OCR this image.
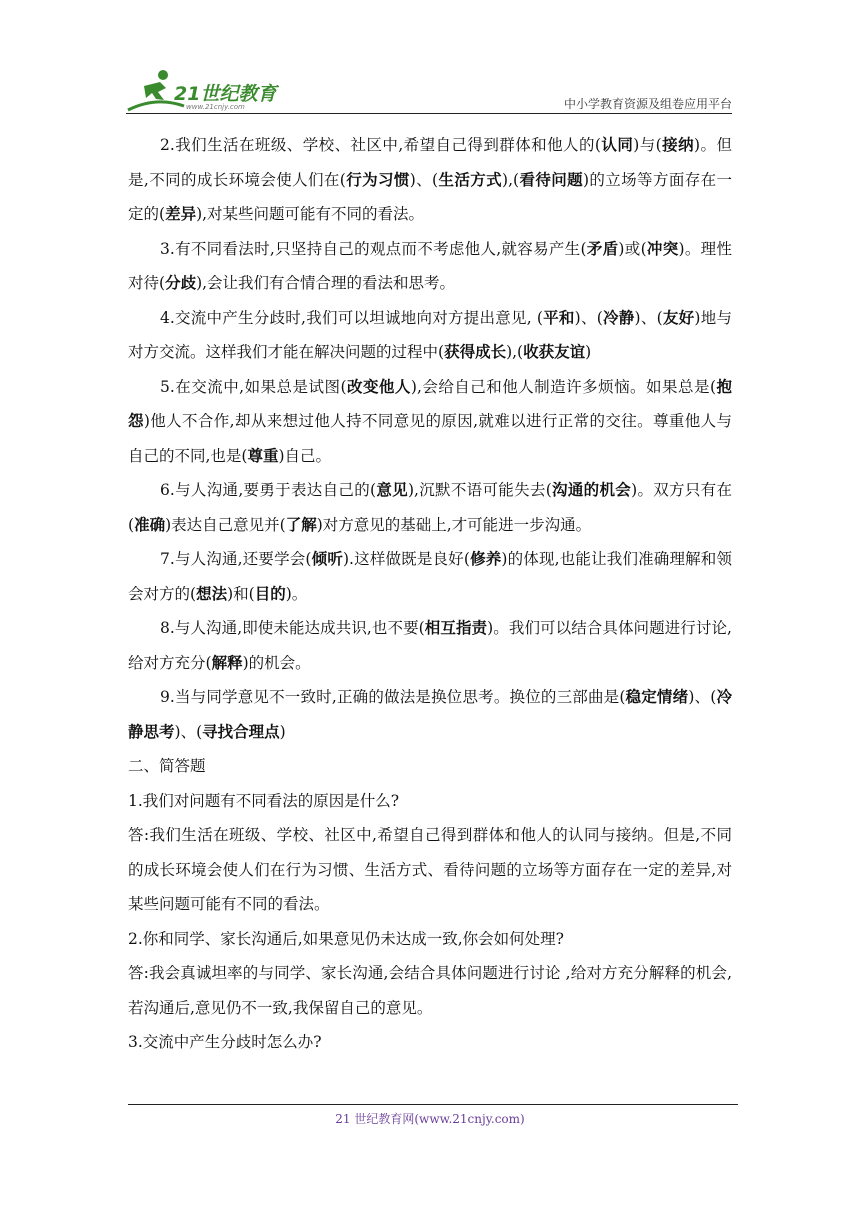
21世纪教育
www.21cnjy.com	中小学教育资源及组卷应用平台

2.我们生活在班级、学校、社区中,希望自己得到群体和他人的(认同)与(接纳)。但是,不同的成长环境会使人们在(行为习惯)、(生活方式),(看待问题)的立场等方面存在一定的(差异),对某些问题可能有不同的看法。

3.有不同看法时,只坚持自己的观点而不考虑他人,就容易产生(矛盾)或(冲突)。理性对待(分歧),会让我们有合情合理的看法和思考。

4.交流中产生分歧时,我们可以坦诚地向对方提出意见, (平和)、(冷静)、(友好)地与对方交流。这样我们才能在解决问题的过程中(获得成长),(收获友谊)

5.在交流中,如果总是试图(改变他人),会给自己和他人制造许多烦恼。如果总是(抱怨)他人不合作,却从来想过他人持不同意见的原因,就难以进行正常的交往。尊重他人与自己的不同,也是(尊重)自己。

6.与人沟通,要勇于表达自己的(意见),沉默不语可能失去(沟通的机会)。双方只有在(准确)表达自己意见并(了解)对方意见的基础上,才可能进一步沟通。

7.与人沟通,还要学会(倾听).这样做既是良好(修养)的体现,也能让我们准确理解和领会对方的(想法)和(目的)。

8.与人沟通,即使未能达成共识,也不要(相互指责)。我们可以结合具体问题进行讨论,给对方充分(解释)的机会。

9.当与同学意见不一致时,正确的做法是换位思考。换位的三部曲是(稳定情绪)、(冷静思考)、(寻找合理点)

二、简答题

1.我们对问题有不同看法的原因是什么?

答:我们生活在班级、学校、社区中,希望自己得到群体和他人的认同与接纳。但是,不同的成长环境会使人们在行为习惯、生活方式、看待问题的立场等方面存在一定的差异,对某些问题可能有不同的看法。

2.你和同学、家长沟通后,如果意见仍未达成一致,你会如何处理?

答:我会真诚坦率的与同学、家长沟通,会结合具体问题进行讨论 ,给对方充分解释的机会,若沟通后,意见仍不一致,我保留自己的意见。

3.交流中产生分歧时怎么办?

21 世纪教育网(www.21cnjy.com)
